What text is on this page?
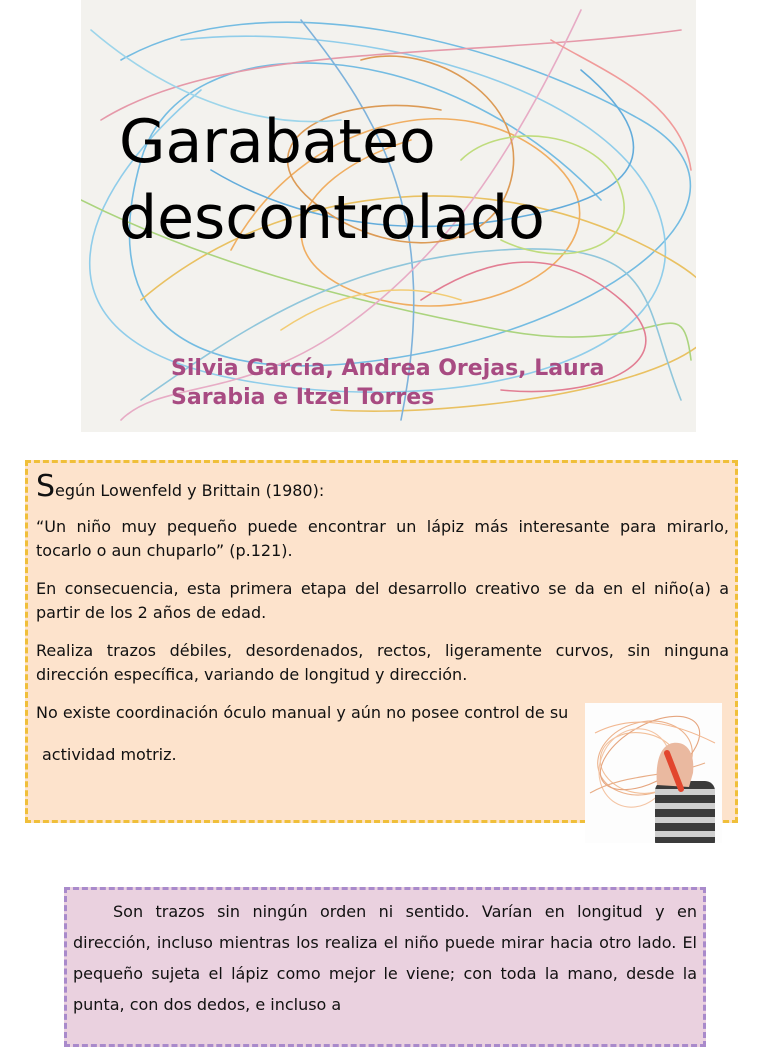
Garabateo
descontrolado

Silvia García, Andrea Orejas, Laura
Sarabia e Itzel Torres

Según Lowenfeld y Brittain (1980):

“Un niño muy pequeño puede encontrar un lápiz más interesante para mirarlo, tocarlo o aun chuparlo” (p.121).

En consecuencia, esta primera etapa del desarrollo creativo se da en el niño(a) a partir de los 2 años de edad.

Realiza trazos débiles, desordenados, rectos, ligeramente curvos, sin ninguna dirección específica, variando de longitud y dirección.

No existe coordinación óculo manual y aún no posee control de su

actividad motriz.

Son trazos sin ningún orden ni sentido. Varían en longitud y en dirección, incluso mientras los realiza el niño puede mirar hacia otro lado. El pequeño sujeta el lápiz como mejor le viene; con toda la mano, desde la punta, con dos dedos, e incluso a
